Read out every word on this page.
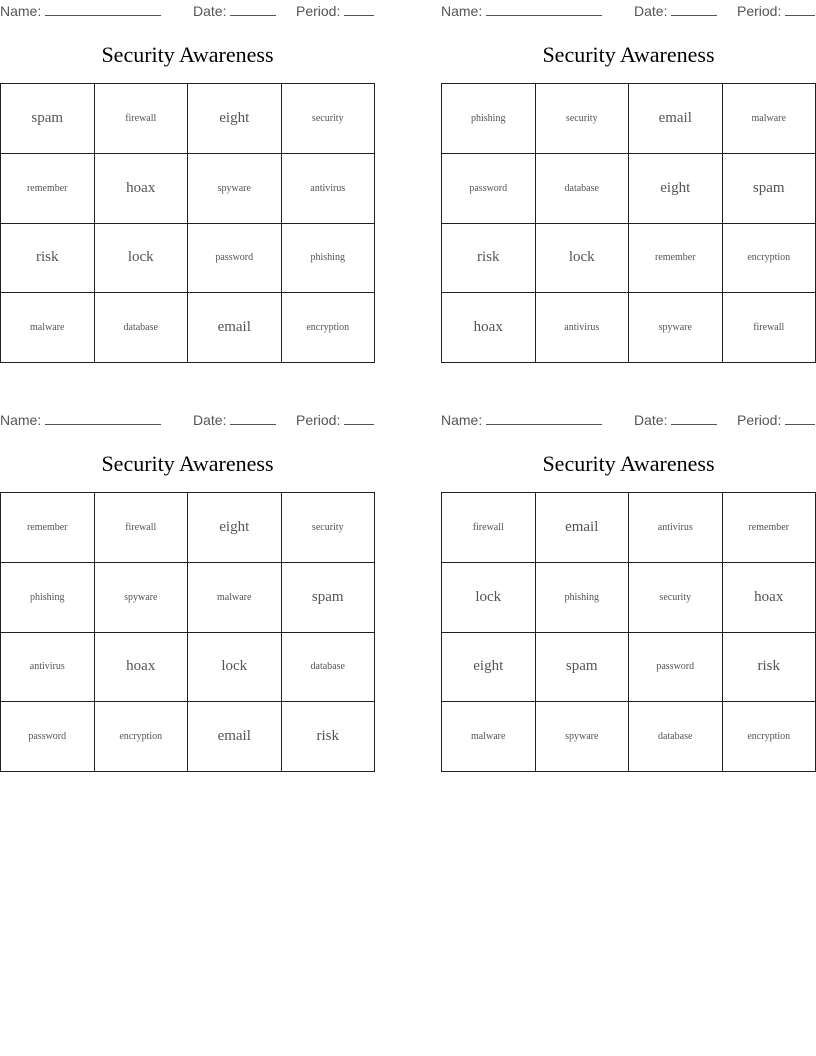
Name:	Date:	Period:
Security Awareness
spam	firewall	eight	security
remember	hoax	spyware	antivirus
risk	lock	password	phishing
malware	database	email	encryption
Name:	Date:	Period:
Security Awareness
phishing	security	email	malware
password	database	eight	spam
risk	lock	remember	encryption
hoax	antivirus	spyware	firewall
Name:	Date:	Period:
Security Awareness
remember	firewall	eight	security
phishing	spyware	malware	spam
antivirus	hoax	lock	database
password	encryption	email	risk
Name:	Date:	Period:
Security Awareness
firewall	email	antivirus	remember
lock	phishing	security	hoax
eight	spam	password	risk
malware	spyware	database	encryption
